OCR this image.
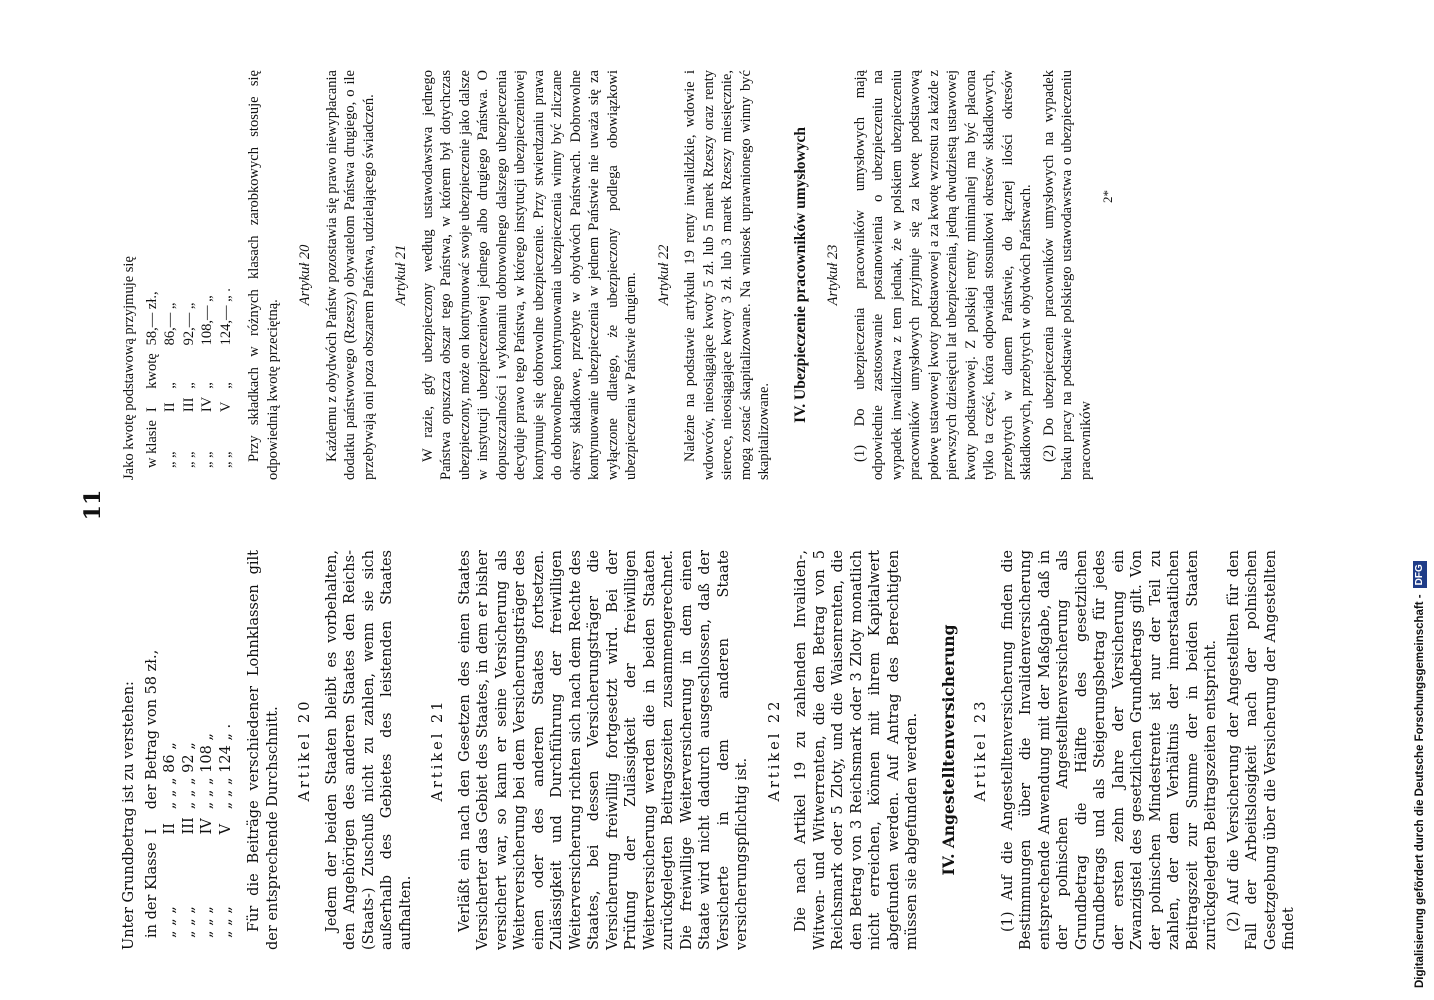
11

Unter Grundbetrag ist zu verstehen: in der Klasse	I	der Betrag von 58 zł.,
„ „ „	II	„ „ „ 86 „
„ „ „	III	„ „ „ 92 „
„ „ „	IV	„ „ „ 108 „
„ „ „	V	„ „ „ 124 „ . Für die Beiträge verschiedener Lohnklassen gilt der entsprechende Durchschnitt. Artikel 20 Jedem der beiden Staaten bleibt es vorbehalten, den Angehörigen des anderen Staates den Reichs- (Staats-) Zuschuß nicht zu zahlen, wenn sie sich außerhalb des Gebietes des leistenden Staates aufhalten.

Artikel 21 Verläßt ein nach den Gesetzen des einen Staates Versicherter das Gebiet des Staates, in dem er bisher versichert war, so kann er seine Versicherung als Weiterversicherung bei dem Versicherungsträger des einen oder des anderen Staates fortsetzen. Zulässigkeit und Durchführung der freiwilligen Weiterversicherung richten sich nach dem Rechte des Staates, bei dessen Versicherungsträger die Versicherung freiwillig fortgesetzt wird. Bei der Prüfung der Zulässigkeit der freiwilligen Weiterversicherung werden die in beiden Staaten zurückgelegten Beitragszeiten zusammengerechnet. Die freiwillige Weiterversicherung in dem einen Staate wird nicht dadurch ausgeschlossen, daß der Versicherte in dem anderen Staate versicherungspflichtig ist.

Artikel 22 Die nach Artikel 19 zu zahlenden Invaliden-, Witwen- und Witwerrenten, die den Betrag von 5 Reichsmark oder 5 Zloty, und die Waisenrenten, die den Betrag von 3 Reichsmark oder 3 Zloty monatlich nicht erreichen, können mit ihrem Kapitalwert abgefunden werden. Auf Antrag des Berechtigten müssen sie abgefunden werden. IV. Angestelltenversicherung Artikel 23 (1) Auf die Angestelltenversicherung finden die Bestimmungen über die Invalidenversicherung entsprechende Anwendung mit der Maßgabe, daß in der polnischen Angestelltenversicherung als Grundbetrag die Hälfte des gesetzlichen Grundbetrags und als Steigerungsbetrag für jedes der ersten zehn Jahre der Versicherung ein Zwanzigstel des gesetzlichen Grundbetrags gilt. Von der polnischen Mindestrente ist nur der Teil zu zahlen, der dem Verhältnis der innerstaatlichen Beitragszeit zur Summe der in beiden Staaten zurückgelegten Beitragszeiten entspricht. (2) Auf die Versicherung der Angestellten für den Fall der Arbeitslosigkeit nach der polnischen Gesetzgebung über die Versicherung der Angestellten findet

Jako kwotę podstawową przyjmuje się w klasie	I	kwotę	58,— zł.,
„ „	II	„	86,— „
„ „	III	„	92,— „
„ „	IV	„	108,— „
„ „	V	„	124,— „ . Przy składkach w różnych klasach zarobkowych stosuje się odpowiednią kwotę przeciętną.

Artykuł 20 Każdemu z obydwóch Państw pozostawia się prawo niewypłacania dodatku państwowego (Rzeszy) obywatelom Państwa drugiego, o ile przebywają oni poza obszarem Państwa, udzielającego świadczeń. Artykuł 21 W razie, gdy ubezpieczony według ustawodawstwa jednego Państwa opuszcza obszar tego Państwa, w którem był dotychczas ubezpieczony, może on kontynuować swoje ubezpieczenie jako dalsze w instytucji ubezpieczeniowej jednego albo drugiego Państwa. O dopuszczalności i wykonaniu dobrowolnego dalszego ubezpieczenia decyduje prawo tego Państwa, w którego instytucji ubezpieczeniowej kontynuuje się dobrowolne ubezpieczenie. Przy stwierdzaniu prawa do dobrowolnego kontynuowania ubezpieczenia winny być zliczane okresy składkowe, przebyte w obydwóch Państwach. Dobrowolne kontynuowanie ubezpieczenia w jednem Państwie nie uważa się za wyłączone dlatego, że ubezpieczony podlega obowiązkowi ubezpieczenia w Państwie drugiem. Artykuł 22 Należne na podstawie artykułu 19 renty inwalidzkie, wdowie i wdowców, nieosiągające kwoty 5 zł. lub 5 marek Rzeszy oraz renty sieroce, nieosiągające kwoty 3 zł. lub 3 marek Rzeszy miesięcznie, mogą zostać skapitalizowane. Na wniosek uprawnionego winny być skapitalizowane.

IV. Ubezpieczenie pracowników umysłowych Artykuł 23 (1) Do ubezpieczenia pracowników umysłowych mają odpowiednie zastosowanie postanowienia o ubezpieczeniu na wypadek inwalidztwa z tem jednak, że w polskiem ubezpieczeniu pracowników umysłowych przyjmuje się za kwotę podstawową połowę ustawowej kwoty podstawowej a za kwotę wzrostu za każde z pierwszych dziesięciu lat ubezpieczenia, jedną dwudziestą ustawowej kwoty podstawowej. Z polskiej renty minimalnej ma być płacona tylko ta część, która odpowiada stosunkowi okresów składkowych, przebytych w danem Państwie, do łącznej ilości okresów składkowych, przebytych w obydwóch Państwach. (2) Do ubezpieczenia pracowników umysłowych na wypadek braku pracy na podstawie polskiego ustawodawstwa o ubezpieczeniu pracowników

2*
Digitalisierung gefördert durch die Deutsche Forschungsgemeinschaft -
DFG
